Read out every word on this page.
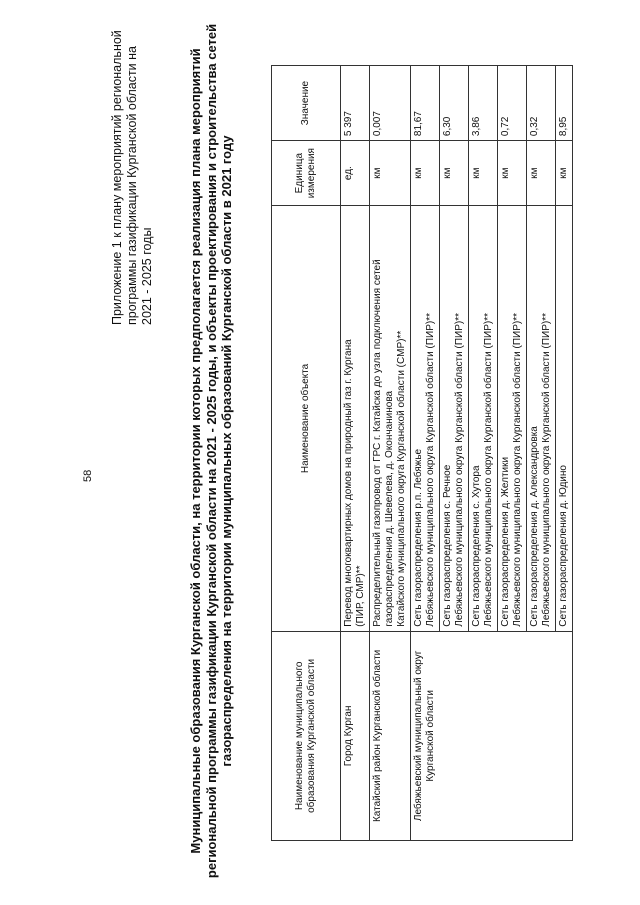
58
Приложение 1 к плану мероприятий региональной программы газификации Курганской области на 2021 - 2025 годы	Муниципальные образования Курганской области, на территории которых предполагается реализация плана мероприятий региональной программы газификации Курганской области на 2021 - 2025 годы, и объекты проектирования и строительства сетей газораспределения на территории муниципальных образований Курганской области в 2021 году	Наименование муниципального образования Курганской области	Наименование объекта	Единица измерения	Значение
Город Курган	Перевод многоквартирных домов на природный газ г. Кургана (ПИР, СМР)**	ед.	5 397
Катайский район Курганской области	Распределительный газопровод от ГРС г. Катайска до узла подключения сетей газораспределения д. Шевелева, д. Окончанинова Катайского муниципального округа Курганской области (СМР)**	км	0,007
Лебяжьевский муниципальный округ Курганской области	Сеть газораспределения р.п. Лебяжье Лебяжьевского муниципального округа Курганской области (ПИР)**	км	81,67

	Сеть газораспределения с. Речное Лебяжьевского муниципального округа Курганской области (ПИР)**	км	6,30

	Сеть газораспределения с. Хутора Лебяжьевского муниципального округа Курганской области (ПИР)**	км	3,86

	Сеть газораспределения д. Желтики Лебяжьевского муниципального округа Курганской области (ПИР)**	км	0,72

	Сеть газораспределения д. Александровка Лебяжьевского муниципального округа Курганской области (ПИР)**	км	0,32

	Сеть газораспределения д. Юдино	км	8,95
